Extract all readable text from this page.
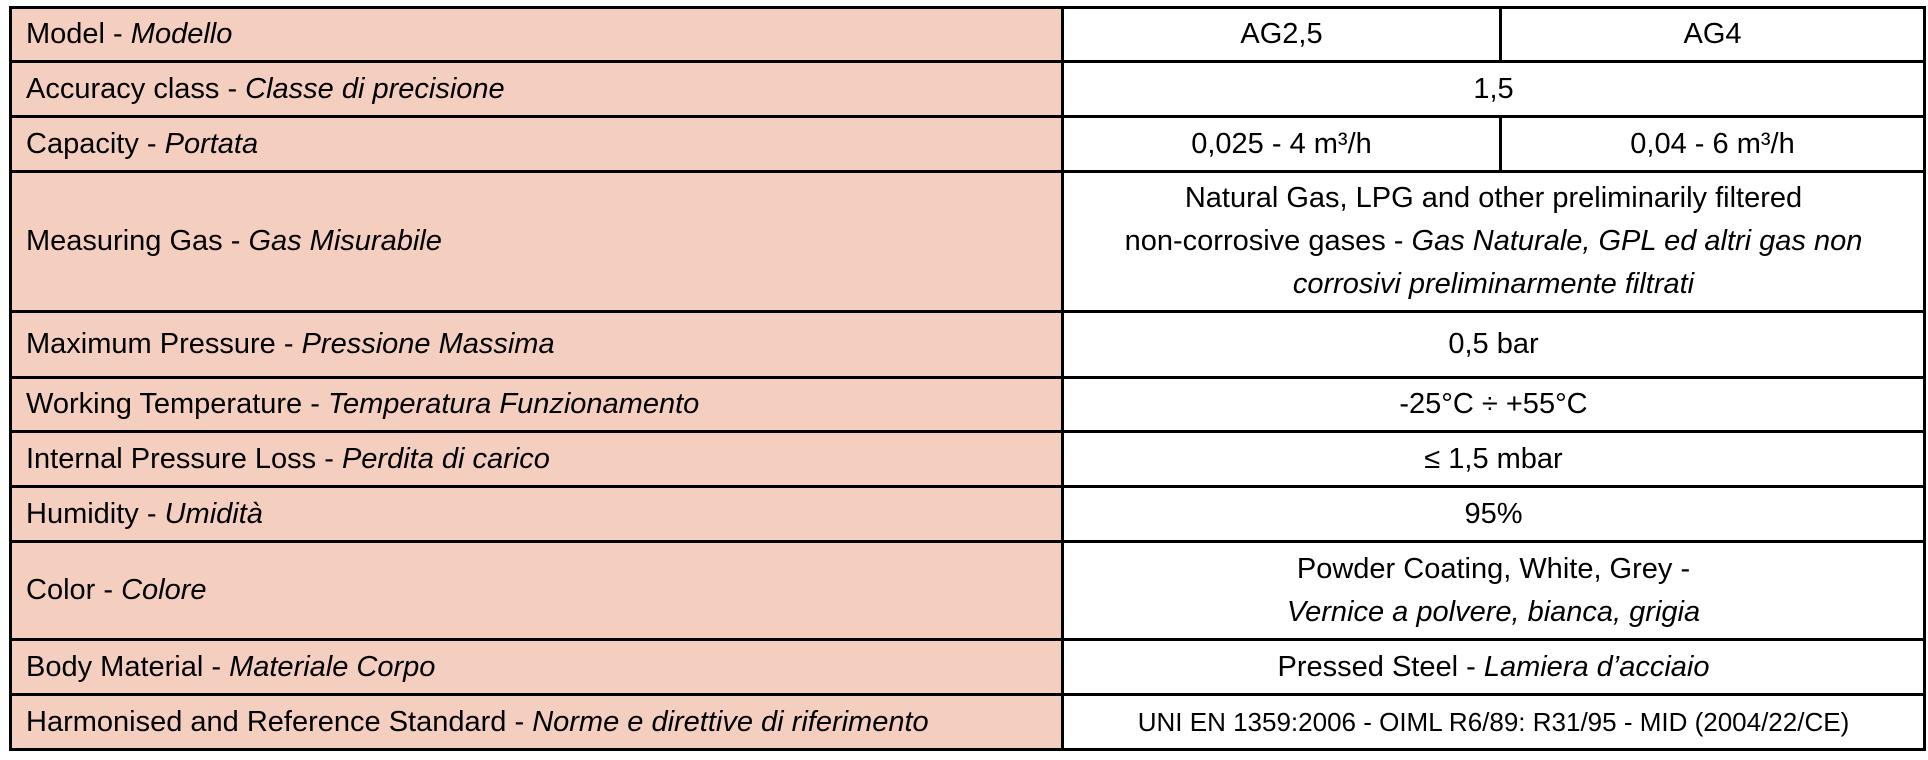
Model - Modello	AG2,5	AG4
Accuracy class - Classe di precisione	1,5	
Capacity - Portata	0,025 - 4 m³/h	0,04 - 6 m³/h
Measuring Gas - Gas Misurabile	Natural Gas, LPG and other preliminarily filtered
non-corrosive gases - Gas Naturale, GPL ed altri gas non
corrosivi preliminarmente filtrati	
Maximum Pressure - Pressione Massima	0,5 bar	
Working Temperature - Temperatura Funzionamento	-25°C ÷ +55°C	
Internal Pressure Loss - Perdita di carico	≤ 1,5 mbar	
Humidity - Umidità	95%	
Color - Colore	Powder Coating, White, Grey -
Vernice a polvere, bianca, grigia	
Body Material - Materiale Corpo	Pressed Steel - Lamiera d’acciaio	
Harmonised and Reference Standard - Norme e direttive di riferimento	UNI EN 1359:2006 - OIML R6/89: R31/95 - MID (2004/22/CE)	
